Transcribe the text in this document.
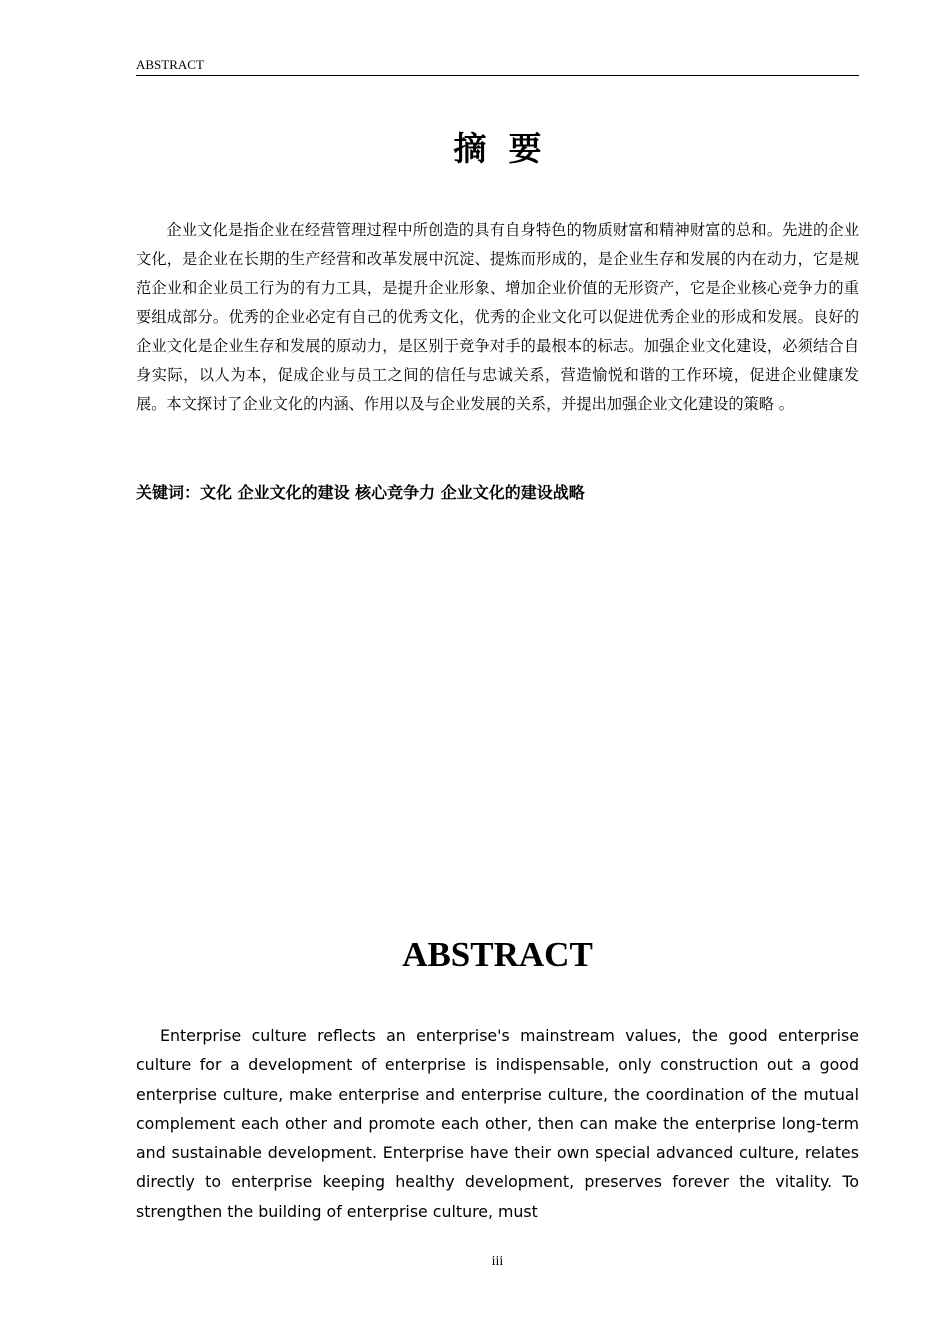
ABSTRACT
摘 要

企业文化是指企业在经营管理过程中所创造的具有自身特色的物质财富和精神财富的总和。先进的企业文化，是企业在长期的生产经营和改革发展中沉淀、提炼而形成的，是企业生存和发展的内在动力，它是规范企业和企业员工行为的有力工具，是提升企业形象、增加企业价值的无形资产，它是企业核心竞争力的重要组成部分。优秀的企业必定有自己的优秀文化，优秀的企业文化可以促进优秀企业的形成和发展。良好的企业文化是企业生存和发展的原动力，是区别于竞争对手的最根本的标志。加强企业文化建设，必须结合自身实际，以人为本，促成企业与员工之间的信任与忠诚关系，营造愉悦和谐的工作环境，促进企业健康发展。本文探讨了企业文化的内涵、作用以及与企业发展的关系，并提出加强企业文化建设的策略 。

关键词：文化 企业文化的建设 核心竞争力 企业文化的建设战略
ABSTRACT

Enterprise culture reflects an enterprise's mainstream values, the good enterprise culture for a development of enterprise is indispensable, only construction out a good enterprise culture, make enterprise and enterprise culture, the coordination of the mutual complement each other and promote each other, then can make the enterprise long-term and sustainable development. Enterprise have their own special advanced culture, relates directly to enterprise keeping healthy development, preserves forever the vitality. To strengthen the building of enterprise culture, must

iii
